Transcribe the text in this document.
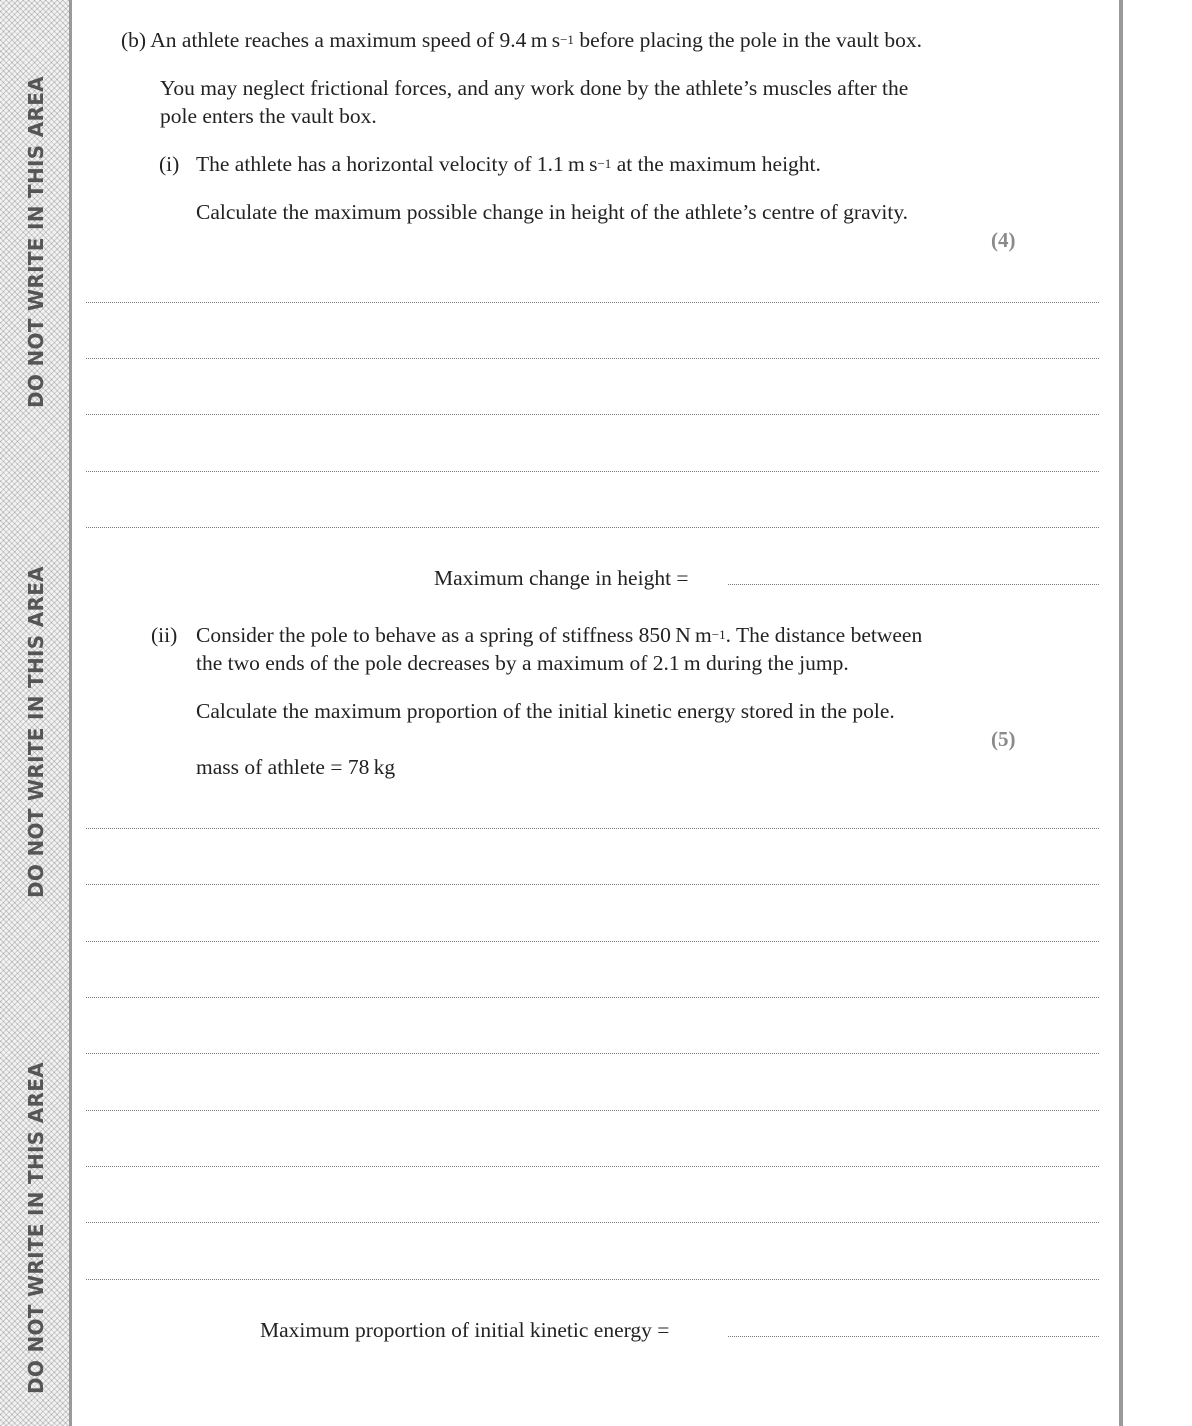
DO NOT WRITE IN THIS AREA
DO NOT WRITE IN THIS AREA
DO NOT WRITE IN THIS AREA
(b) An athlete reaches a maximum speed of 9.4 m $s^{-1}$ before placing the pole in the vault box.
You may neglect frictional forces, and any work done by the athlete’s muscles after the
pole enters the vault box.
(i) The athlete has a horizontal velocity of 1.1 m $s^{-1}$ at the maximum height.
Calculate the maximum possible change in height of the athlete’s centre of gravity.
(4)
Maximum change in height =
(ii) Consider the pole to behave as a spring of stiffness 850 N $m^{-1}$. The distance between
the two ends of the pole decreases by a maximum of 2.1 m during the jump.
Calculate the maximum proportion of the initial kinetic energy stored in the pole.
(5)
mass of athlete = 78 kg
Maximum proportion of initial kinetic energy =
